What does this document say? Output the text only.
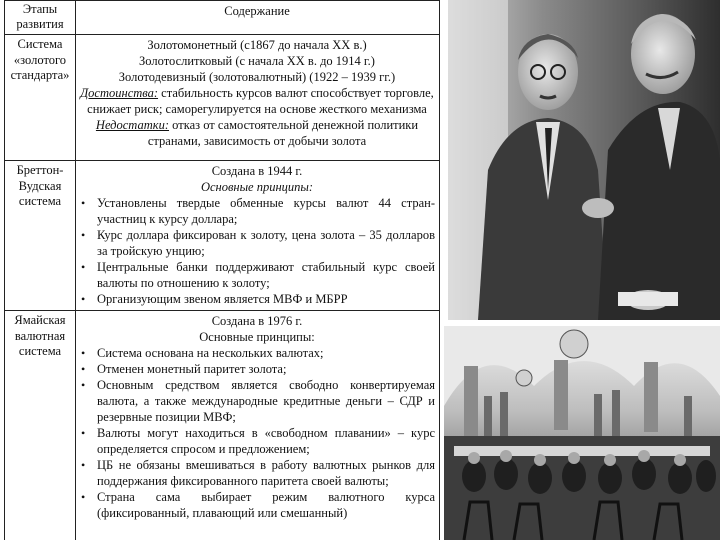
Этапы развития
Содержание
Система «золотого стандарта»
Золотомонетный (с1867 до начала XX в.)
Золотослитковый (с начала XX в. до 1914 г.)
Золотодевизный (золотовалютный) (1922 – 1939 гг.)
Достоинства: стабильность курсов валют способствует торговле, снижает риск; саморегулируется на основе жесткого механизма
Недостатки: отказ от самостоятельной денежной политики странами, зависимость от добычи золота
Бреттон-Вудская система
Создана в 1944 г.
Основные принципы:
• Установлены твердые обменные курсы валют 44 стран-участниц к курсу доллара;
• Курс доллара фиксирован к золоту, цена золота – 35 долларов за тройскую унцию;
• Центральные банки поддерживают стабильный курс своей валюты по отношению к золоту;
• Организующим звеном является МВФ и МБРР
Ямайская валютная система
Создана в 1976 г.
Основные принципы:
• Система основана на нескольких валютах;
• Отменен монетный паритет золота;
• Основным средством является свободно конвертируемая валюта, а также международные кредитные деньги – СДР и резервные позиции МВФ;
• Валюты могут находиться в «свободном плавании» – курс определяется спросом и предложением;
• ЦБ не обязаны вмешиваться в работу валютных рынков для поддержания фиксированного паритета своей валюты;
• Страна сама выбирает режим валютного курса (фиксированный, плавающий или смешанный)
